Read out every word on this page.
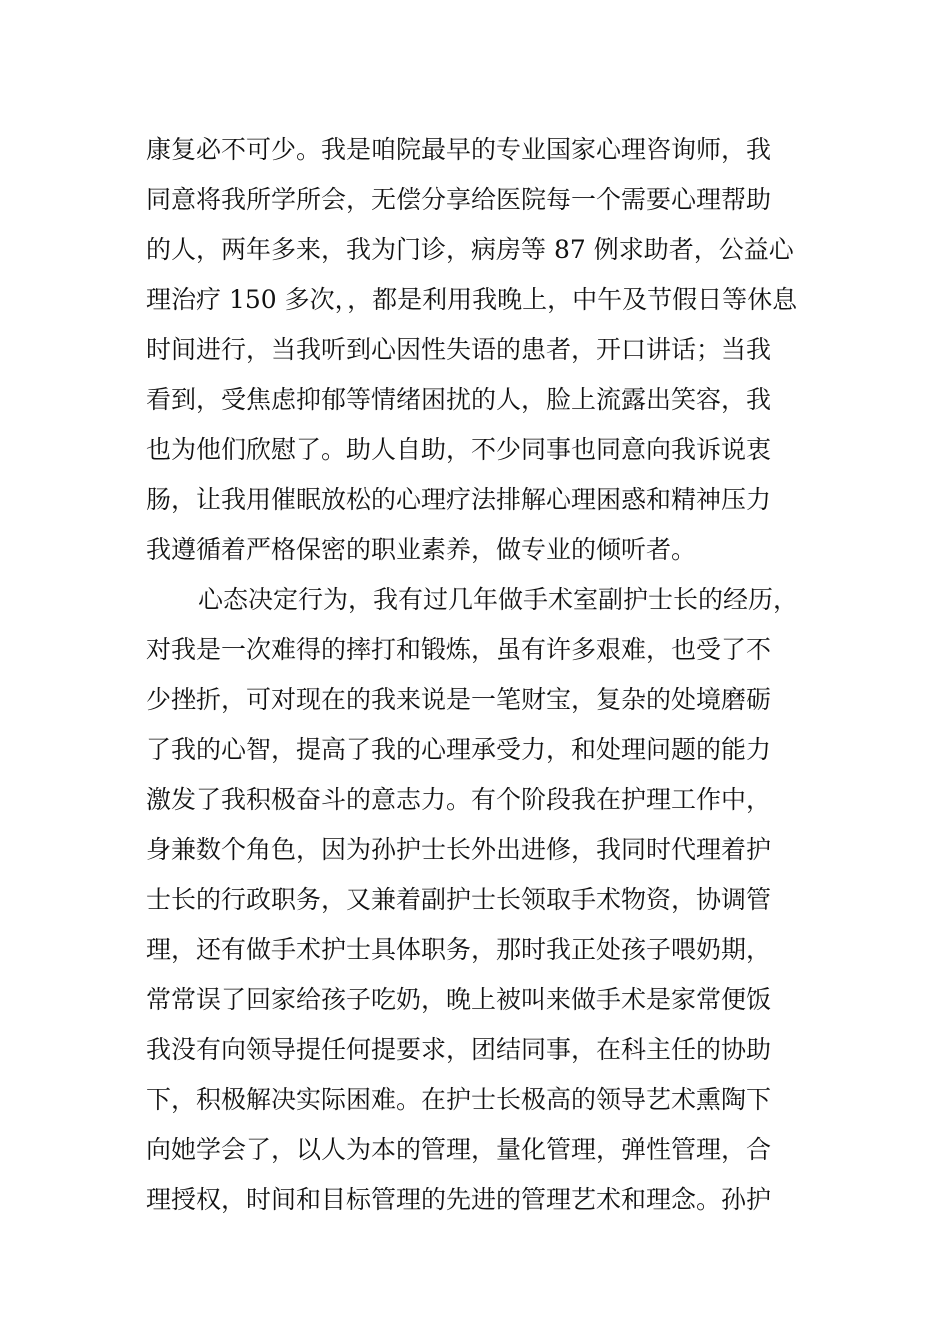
康复必不可少。我是咱院最早的专业国家心理咨询师，我
同意将我所学所会，无偿分享给医院每一个需要心理帮助
的人，两年多来，我为门诊，病房等 87 例求助者，公益心
理治疗 150 多次，，都是利用我晚上，中午及节假日等休息
时间进行，当我听到心因性失语的患者，开口讲话；当我
看到，受焦虑抑郁等情绪困扰的人，脸上流露出笑容，我
也为他们欣慰了。助人自助，不少同事也同意向我诉说衷
肠，让我用催眠放松的心理疗法排解心理困惑和精神压力
我遵循着严格保密的职业素养，做专业的倾听者。
心态决定行为，我有过几年做手术室副护士长的经历，
对我是一次难得的摔打和锻炼，虽有许多艰难，也受了不
少挫折，可对现在的我来说是一笔财宝，复杂的处境磨砺
了我的心智，提高了我的心理承受力，和处理问题的能力
激发了我积极奋斗的意志力。有个阶段我在护理工作中，
身兼数个角色，因为孙护士长外出进修，我同时代理着护
士长的行政职务，又兼着副护士长领取手术物资，协调管
理，还有做手术护士具体职务，那时我正处孩子喂奶期，
常常误了回家给孩子吃奶，晚上被叫来做手术是家常便饭
我没有向领导提任何提要求，团结同事，在科主任的协助
下，积极解决实际困难。在护士长极高的领导艺术熏陶下
向她学会了，以人为本的管理，量化管理，弹性管理，合
理授权，时间和目标管理的先进的管理艺术和理念。孙护
